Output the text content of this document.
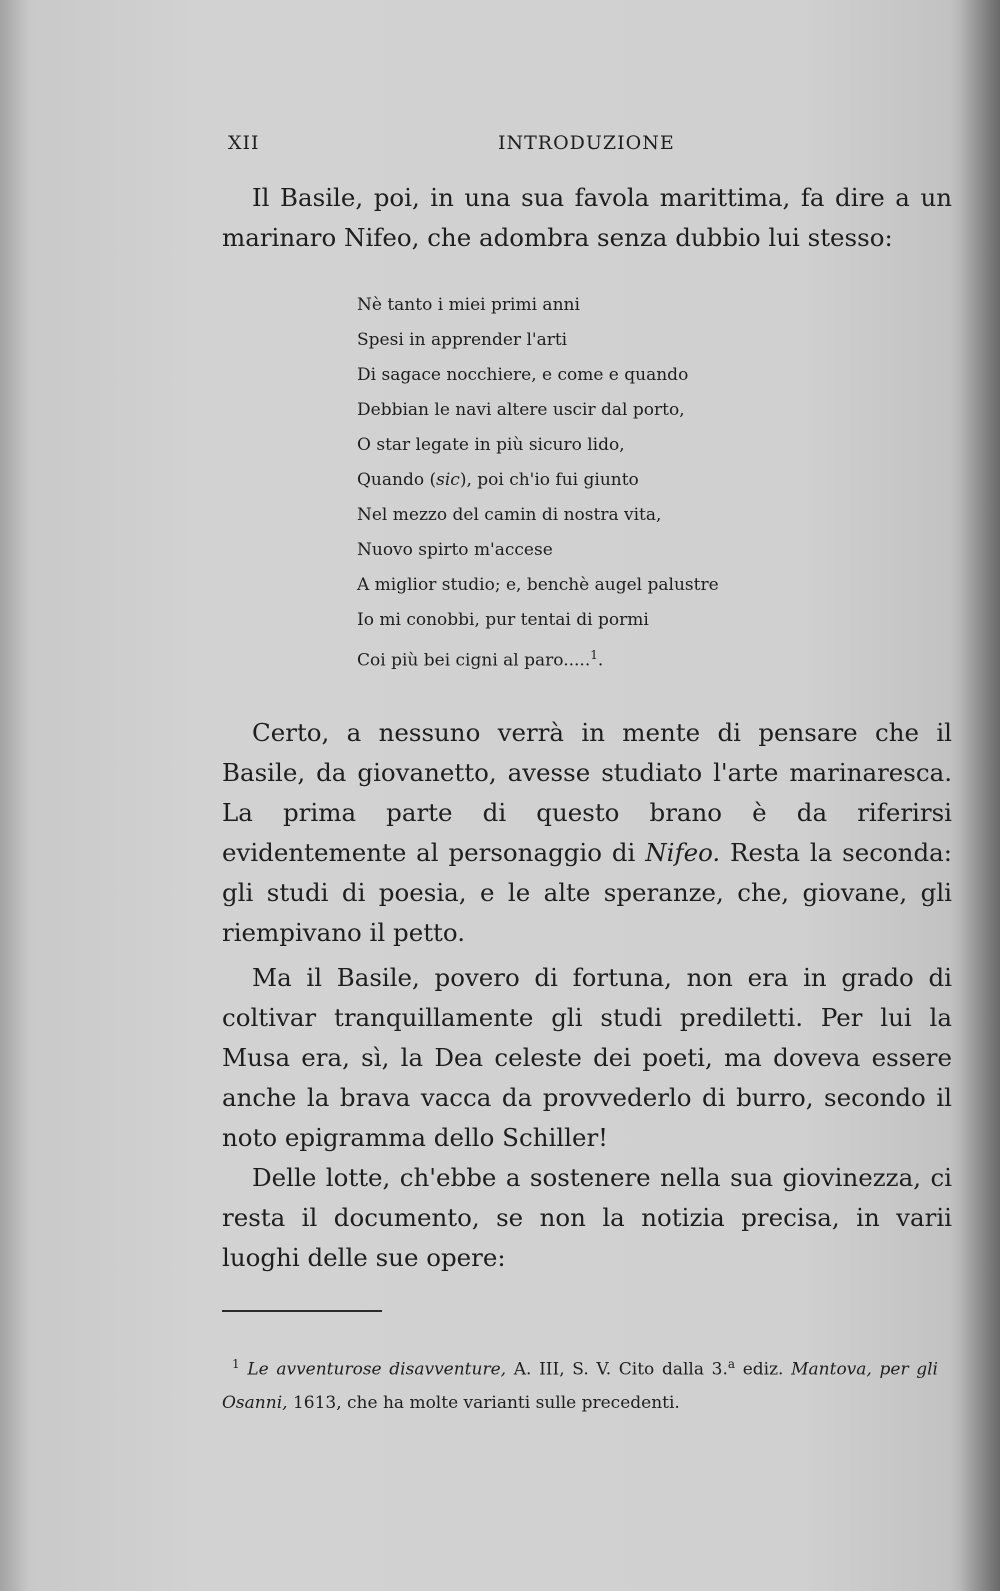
XII	INTRODUZIONE

Il Basile, poi, in una sua favola marittima, fa dire a un marinaro Nifeo, che adombra senza dubbio lui stesso:

Nè tanto i miei primi anni
Spesi in apprender l'arti
Di sagace nocchiere, e come e quando
Debbian le navi altere uscir dal porto,
O star legate in più sicuro lido,
Quando (sic), poi ch'io fui giunto
Nel mezzo del camin di nostra vita,
Nuovo spirto m'accese
A miglior studio; e, benchè augel palustre
Io mi conobbi, pur tentai di pormi
Coi più bei cigni al paro.....$^1$.

Certo, a nessuno verrà in mente di pensare che il Basile, da giovanetto, avesse studiato l'arte marinaresca. La prima parte di questo brano è da riferirsi evidentemente al personaggio di Nifeo. Resta la seconda: gli studi di poesia, e le alte speranze, che, giovane, gli riempivano il petto.

Ma il Basile, povero di fortuna, non era in grado di coltivar tranquillamente gli studi prediletti. Per lui la Musa era, sì, la Dea celeste dei poeti, ma doveva essere anche la brava vacca da provvederlo di burro, secondo il noto epigramma dello Schiller!

Delle lotte, ch'ebbe a sostenere nella sua giovinezza, ci resta il documento, se non la notizia precisa, in varii luoghi delle sue opere:

$^1$ Le avventurose disavventure, A. III, S. V. Cito dalla 3.$^a$ ediz. Mantova, per gli Osanni, 1613, che ha molte varianti sulle precedenti.
